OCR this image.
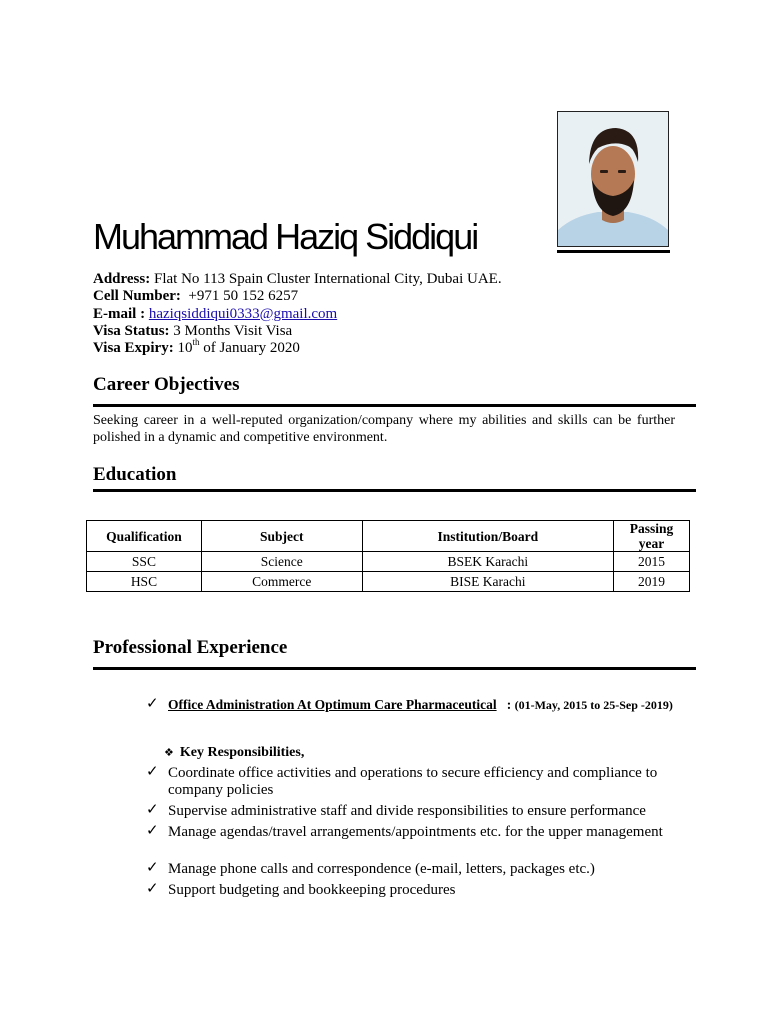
Muhammad Haziq Siddiqui
Address: Flat No 113 Spain Cluster International City, Dubai UAE.
Cell Number: +971 50 152 6257
E-mail : haziqsiddiqui0333@gmail.com
Visa Status: 3 Months Visit Visa
Visa Expiry: 10th of January 2020
Career Objectives

Seeking career in a well-reputed organization/company where my abilities and skills can be further polished in a dynamic and competitive environment.

Education
Qualification	Subject	Institution/Board	Passing year
SSC	Science	BSEK Karachi	2015
HSC	Commerce	BISE Karachi	2019
Professional Experience
✓ Office Administration At Optimum Care Pharmaceutical : (01-May, 2015 to 25-Sep -2019)

❖ Key Responsibilities,
✓ Coordinate office activities and operations to secure efficiency and compliance to company policies

✓ Supervise administrative staff and divide responsibilities to ensure performance

✓ Manage agendas/travel arrangements/appointments etc. for the upper management

✓ Manage phone calls and correspondence (e-mail, letters, packages etc.)

✓ Support budgeting and bookkeeping procedures
